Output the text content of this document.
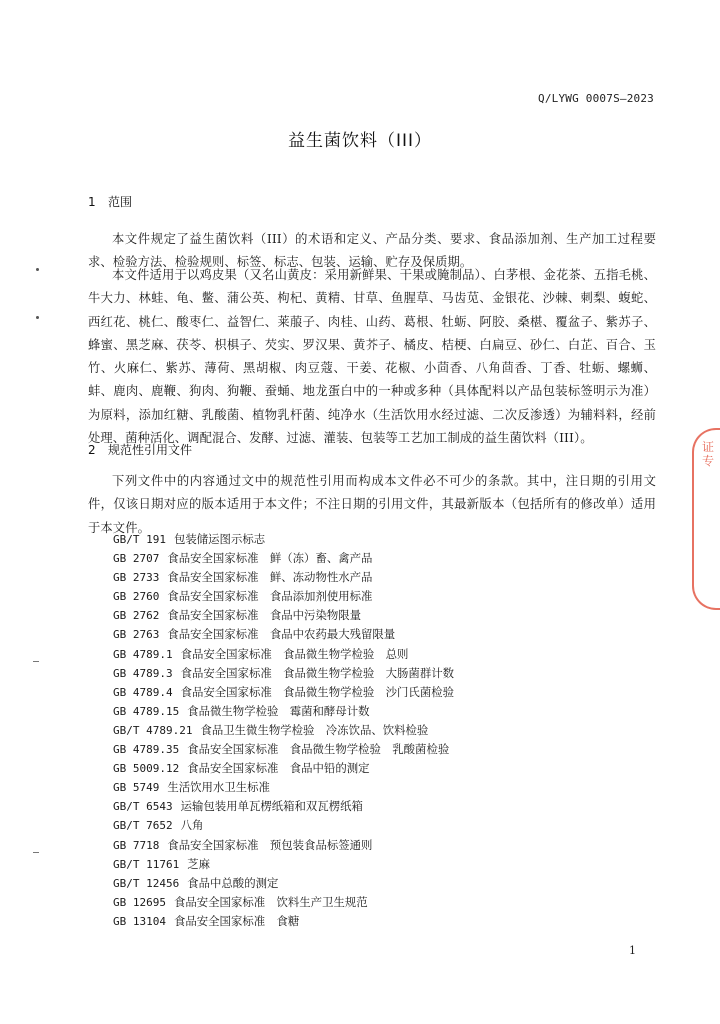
Q/LYWG 0007S—2023
益生菌饮料（III）
1 范围
本文件规定了益生菌饮料（III）的术语和定义、产品分类、要求、食品添加剂、生产加工过程要求、检验方法、检验规则、标签、标志、包装、运输、贮存及保质期。
本文件适用于以鸡皮果（又名山黄皮：采用新鲜果、干果或腌制品）、白茅根、金花茶、五指毛桃、牛大力、林蛙、龟、鳖、蒲公英、枸杞、黄精、甘草、鱼腥草、马齿苋、金银花、沙棘、刺梨、蝮蛇、西红花、桃仁、酸枣仁、益智仁、莱菔子、肉桂、山药、葛根、牡蛎、阿胶、桑椹、覆盆子、紫苏子、蜂蜜、黑芝麻、茯苓、枳椇子、芡实、罗汉果、黄芥子、橘皮、桔梗、白扁豆、砂仁、白芷、百合、玉竹、火麻仁、紫苏、薄荷、黑胡椒、肉豆蔻、干姜、花椒、小茴香、八角茴香、丁香、牡蛎、螺蛳、蚌、鹿肉、鹿鞭、狗肉、狗鞭、蚕蛹、地龙蛋白中的一种或多种（具体配料以产品包装标签明示为准）为原料，添加红糖、乳酸菌、植物乳杆菌、纯净水（生活饮用水经过滤、二次反渗透）为辅料料，经前处理、菌种活化、调配混合、发酵、过滤、灌装、包装等工艺加工制成的益生菌饮料（III）。
2 规范性引用文件
下列文件中的内容通过文中的规范性引用而构成本文件必不可少的条款。其中，注日期的引用文件，仅该日期对应的版本适用于本文件；不注日期的引用文件，其最新版本（包括所有的修改单）适用于本文件。
GB/T 191 包装储运图示标志
GB 2707 食品安全国家标准　鲜（冻）畜、禽产品
GB 2733 食品安全国家标准　鲜、冻动物性水产品
GB 2760 食品安全国家标准　食品添加剂使用标准
GB 2762 食品安全国家标准　食品中污染物限量
GB 2763 食品安全国家标准　食品中农药最大残留限量
GB 4789.1 食品安全国家标准　食品微生物学检验　总则
GB 4789.3 食品安全国家标准　食品微生物学检验　大肠菌群计数
GB 4789.4 食品安全国家标准　食品微生物学检验　沙门氏菌检验
GB 4789.15 食品微生物学检验　霉菌和酵母计数
GB/T 4789.21 食品卫生微生物学检验　冷冻饮品、饮料检验
GB 4789.35 食品安全国家标准　食品微生物学检验　乳酸菌检验
GB 5009.12 食品安全国家标准　食品中铅的测定
GB 5749 生活饮用水卫生标准
GB/T 6543 运输包装用单瓦楞纸箱和双瓦楞纸箱
GB/T 7652 八角
GB 7718 食品安全国家标准　预包装食品标签通则
GB/T 11761 芝麻
GB/T 12456 食品中总酸的测定
GB 12695 食品安全国家标准　饮料生产卫生规范
GB 13104 食品安全国家标准　食糖
1
证专
